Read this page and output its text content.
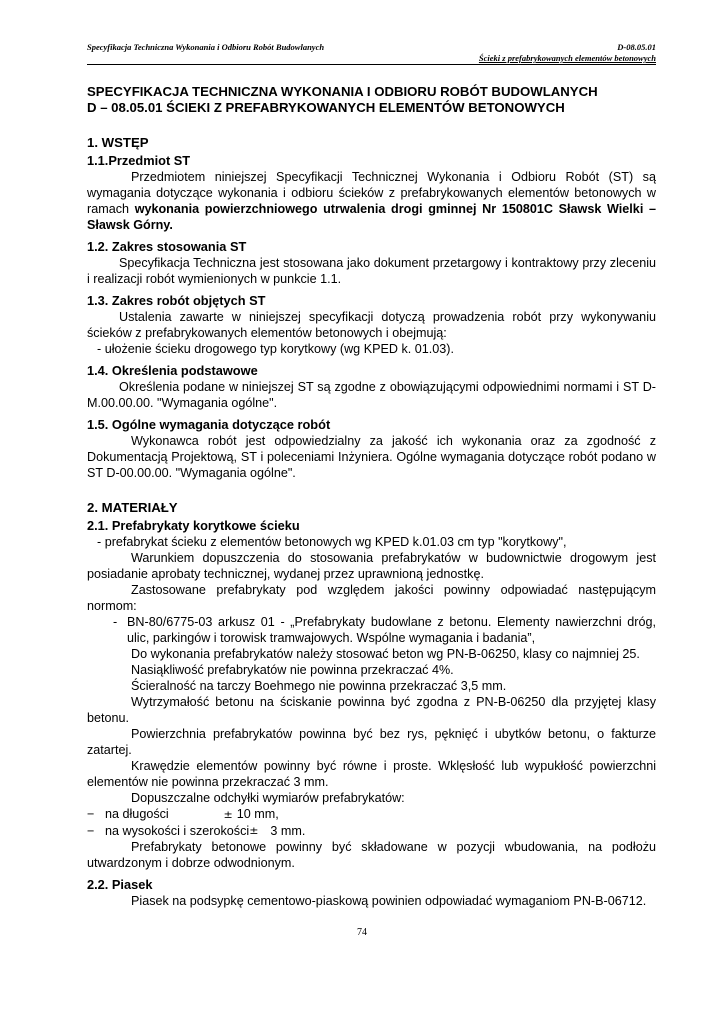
Specyfikacja Techniczna Wykonania i Odbioru Robót Budowlanych	D-08.05.01
Ścieki z prefabrykowanych elementów betonowych

SPECYFIKACJA TECHNICZNA WYKONANIA I ODBIORU ROBÓT BUDOWLANYCH

D – 08.05.01 ŚCIEKI Z PREFABRYKOWANYCH ELEMENTÓW BETONOWYCH

1. WSTĘP

1.1.Przedmiot ST

Przedmiotem niniejszej Specyfikacji Technicznej Wykonania i Odbioru Robót (ST) są wymagania dotyczące wykonania i odbioru ścieków z prefabrykowanych elementów betonowych w ramach wykonania powierzchniowego utrwalenia drogi gminnej Nr 150801C Sławsk Wielki – Sławsk Górny.

1.2. Zakres stosowania ST

Specyfikacja Techniczna jest stosowana jako dokument przetargowy i kontraktowy przy zleceniu i realizacji robót wymienionych w punkcie 1.1.

1.3. Zakres robót objętych ST

Ustalenia zawarte w niniejszej specyfikacji dotyczą prowadzenia robót przy wykonywaniu ścieków z prefabrykowanych elementów betonowych i obejmują:

- ułożenie ścieku drogowego typ korytkowy (wg KPED k. 01.03).

1.4. Określenia podstawowe

Określenia podane w niniejszej ST są zgodne z obowiązującymi odpowiednimi normami i ST D-M.00.00.00. "Wymagania ogólne".

1.5. Ogólne wymagania dotyczące robót

Wykonawca robót jest odpowiedzialny za jakość ich wykonania oraz za zgodność z Dokumentacją Projektową, ST i poleceniami Inżyniera. Ogólne wymagania dotyczące robót podano w ST D-00.00.00. "Wymagania ogólne".

2. MATERIAŁY

2.1. Prefabrykaty korytkowe ścieku

- prefabrykat ścieku z elementów betonowych wg KPED k.01.03 cm typ "korytkowy",

Warunkiem dopuszczenia do stosowania prefabrykatów w budownictwie drogowym jest posiadanie aprobaty technicznej, wydanej przez uprawnioną jednostkę.

Zastosowane prefabrykaty pod względem jakości powinny odpowiadać następującym normom:

- BN-80/6775-03 arkusz 01 - „Prefabrykaty budowlane z betonu. Elementy nawierzchni dróg, ulic, parkingów i torowisk tramwajowych. Wspólne wymagania i badania”,

Do wykonania prefabrykatów należy stosować beton wg PN-B-06250, klasy co najmniej 25.

Nasiąkliwość prefabrykatów nie powinna przekraczać 4%.

Ścieralność na tarczy Boehmego nie powinna przekraczać 3,5 mm.

Wytrzymałość betonu na ściskanie powinna być zgodna z PN-B-06250 dla przyjętej klasy betonu.

Powierzchnia prefabrykatów powinna być bez rys, pęknięć i ubytków betonu, o fakturze zatartej.

Krawędzie elementów powinny być równe i proste. Wklęsłość lub wypukłość powierzchni elementów nie powinna przekraczać 3 mm.

Dopuszczalne odchyłki wymiarów prefabrykatów:

− na długości	± 10 mm,
− na wysokości i szerokości ± 3 mm.

Prefabrykaty betonowe powinny być składowane w pozycji wbudowania, na podłożu utwardzonym i dobrze odwodnionym.

2.2. Piasek

Piasek na podsypkę cementowo-piaskową powinien odpowiadać wymaganiom PN-B-06712.

74
